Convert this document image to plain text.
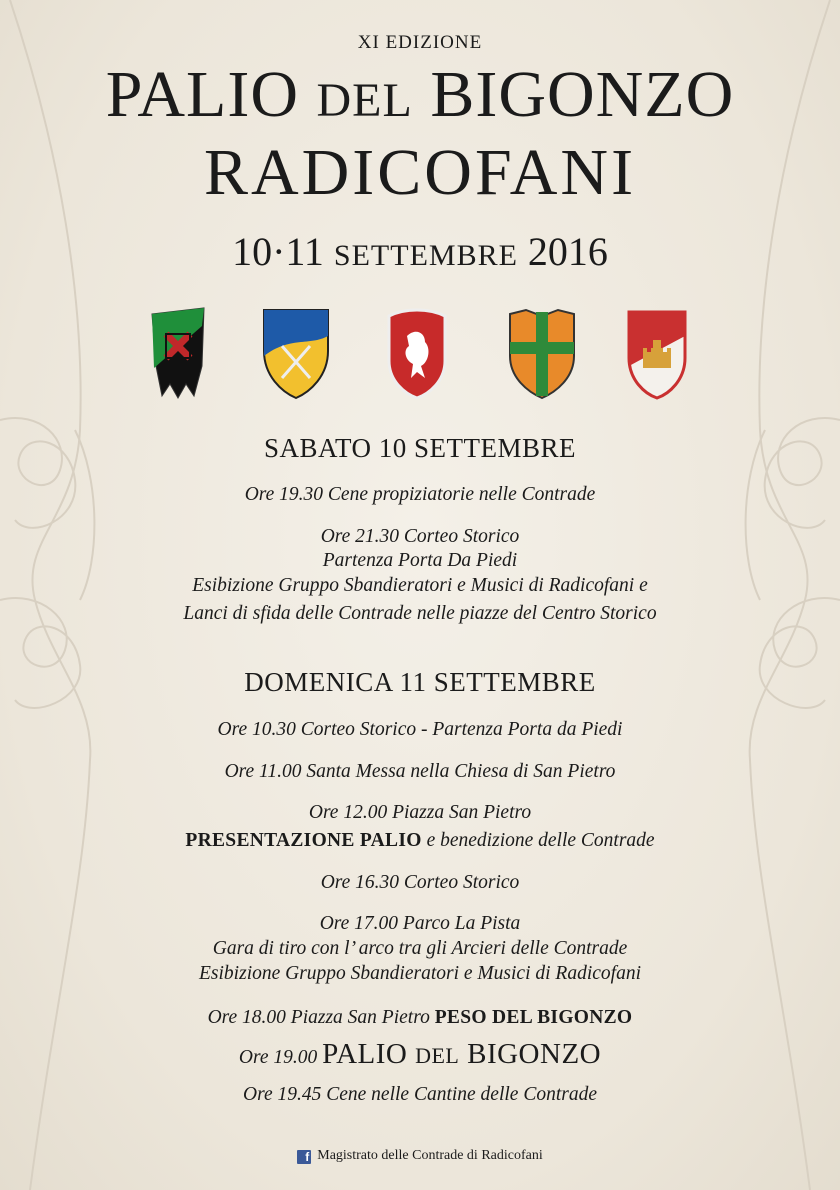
XI EDIZIONE
PALIO DEL BIGONZO
RADICOFANI
10·11 SETTEMBRE 2016
SABATO 10 SETTEMBRE
Ore 19.30 Cene propiziatorie nelle Contrade
Ore 21.30 Corteo Storico
Partenza Porta Da Piedi
Esibizione Gruppo Sbandieratori e Musici di Radicofani e
Lanci di sfida delle Contrade nelle piazze del Centro Storico
DOMENICA 11 SETTEMBRE
Ore 10.30 Corteo Storico - Partenza Porta da Piedi
Ore 11.00 Santa Messa nella Chiesa di San Pietro
Ore 12.00 Piazza San Pietro
PRESENTAZIONE PALIO e benedizione delle Contrade
Ore 16.30 Corteo Storico
Ore 17.00 Parco La Pista
Gara di tiro con l’ arco tra gli Arcieri delle Contrade
Esibizione Gruppo Sbandieratori e Musici di Radicofani
Ore 18.00 Piazza San Pietro PESO DEL BIGONZO
Ore 19.00 PALIO DEL BIGONZO
Ore 19.45 Cene nelle Cantine delle Contrade
f Magistrato delle Contrade di Radicofani
